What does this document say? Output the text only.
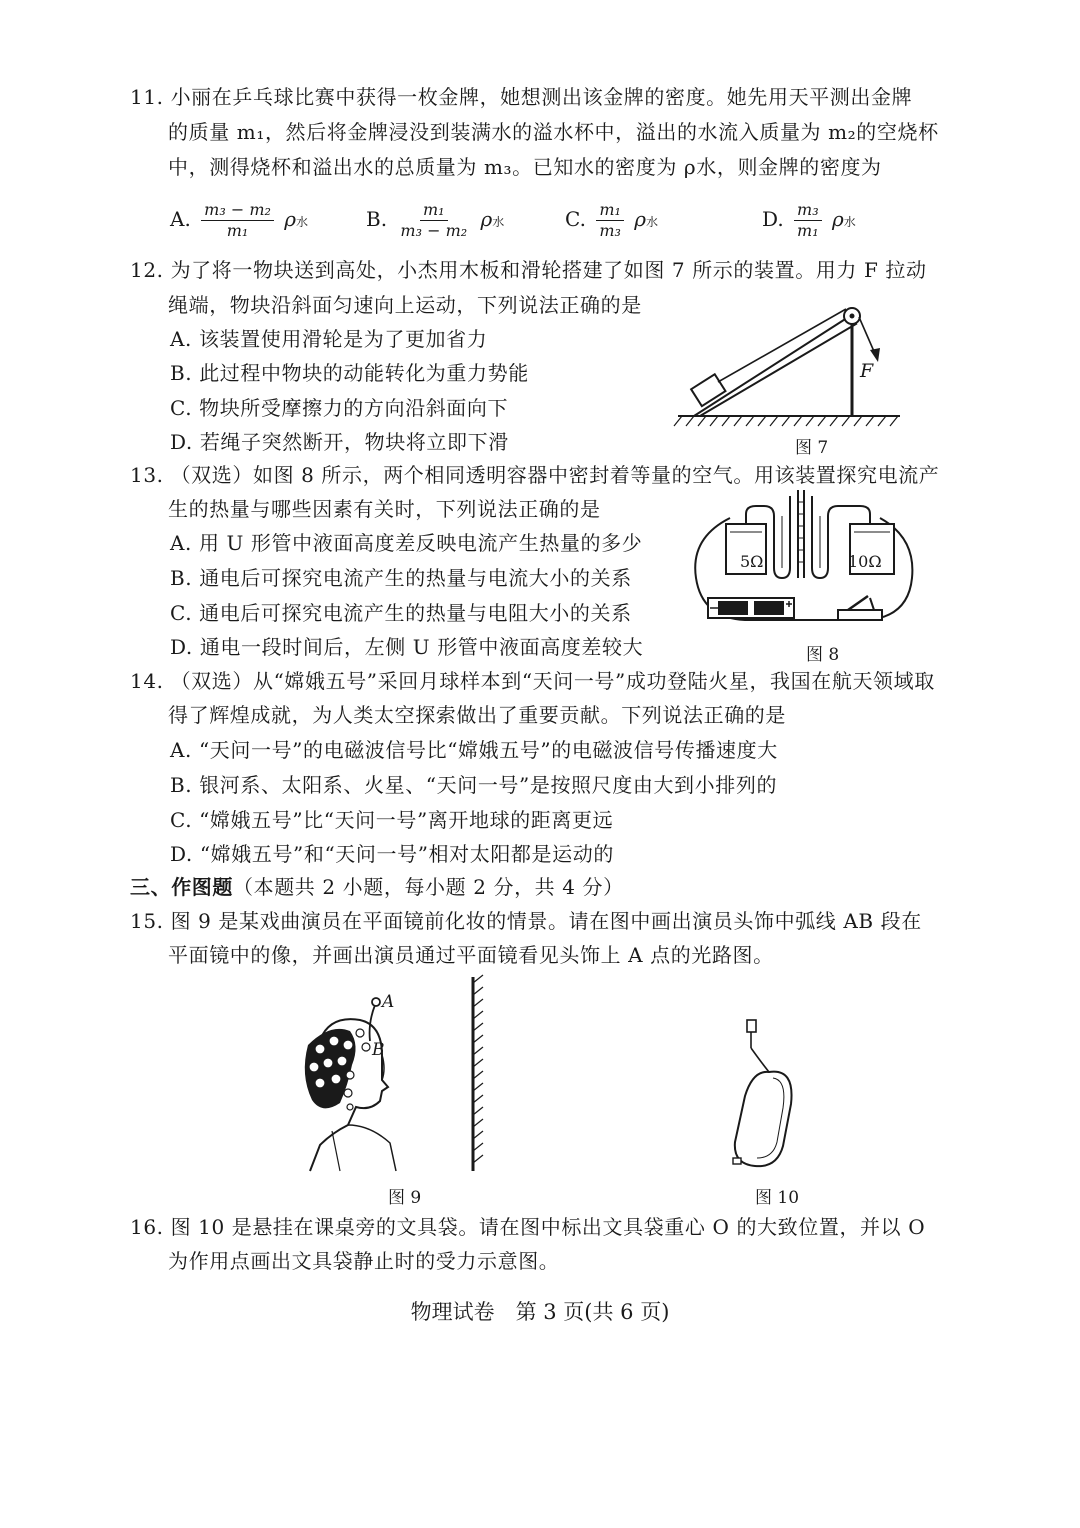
11. 小丽在乒乓球比赛中获得一枚金牌，她想测出该金牌的密度。她先用天平测出金牌
的质量 m₁，然后将金牌浸没到装满水的溢水杯中，溢出的水流入质量为 m₂的空烧杯
中，测得烧杯和溢出水的总质量为 m₃。已知水的密度为 ρ水，则金牌的密度为
A. $\frac{\text{m₃ − m₂}}{\text{m₁}}$ ρ水	B. $\frac{\text{m₁}}{\text{m₃ − m₂}}$ ρ水	C. $\frac{\text{m₁}}{\text{m₃}}$ ρ水	D. $\frac{\text{m₃}}{\text{m₁}}$ ρ水
12. 为了将一物块送到高处，小杰用木板和滑轮搭建了如图 7 所示的装置。用力 F 拉动
绳端，物块沿斜面匀速向上运动，下列说法正确的是
A. 该装置使用滑轮是为了更加省力
B. 此过程中物块的动能转化为重力势能
C. 物块所受摩擦力的方向沿斜面向下
D. 若绳子突然断开，物块将立即下滑
F
图 7
13. （双选）如图 8 所示，两个相同透明容器中密封着等量的空气。用该装置探究电流产
生的热量与哪些因素有关时，下列说法正确的是
A. 用 U 形管中液面高度差反映电流产生热量的多少
B. 通电后可探究电流产生的热量与电流大小的关系
C. 通电后可探究电流产生的热量与电阻大小的关系
D. 通电一段时间后，左侧 U 形管中液面高度差较大
5Ω	10Ω
图 8
14. （双选）从“嫦娥五号”采回月球样本到“天问一号”成功登陆火星，我国在航天领域取
得了辉煌成就，为人类太空探索做出了重要贡献。下列说法正确的是
A. “天问一号”的电磁波信号比“嫦娥五号”的电磁波信号传播速度大
B. 银河系、太阳系、火星、“天问一号”是按照尺度由大到小排列的
C. “嫦娥五号”比“天问一号”离开地球的距离更远
D. “嫦娥五号”和“天问一号”相对太阳都是运动的
三、作图题（本题共 2 小题，每小题 2 分，共 4 分）
15. 图 9 是某戏曲演员在平面镜前化妆的情景。请在图中画出演员头饰中弧线 AB 段在
平面镜中的像，并画出演员通过平面镜看见头饰上 A 点的光路图。
A
B
图 9	图 10
16. 图 10 是悬挂在课桌旁的文具袋。请在图中标出文具袋重心 O 的大致位置，并以 O
为作用点画出文具袋静止时的受力示意图。
物理试卷　第 3 页(共 6 页)
